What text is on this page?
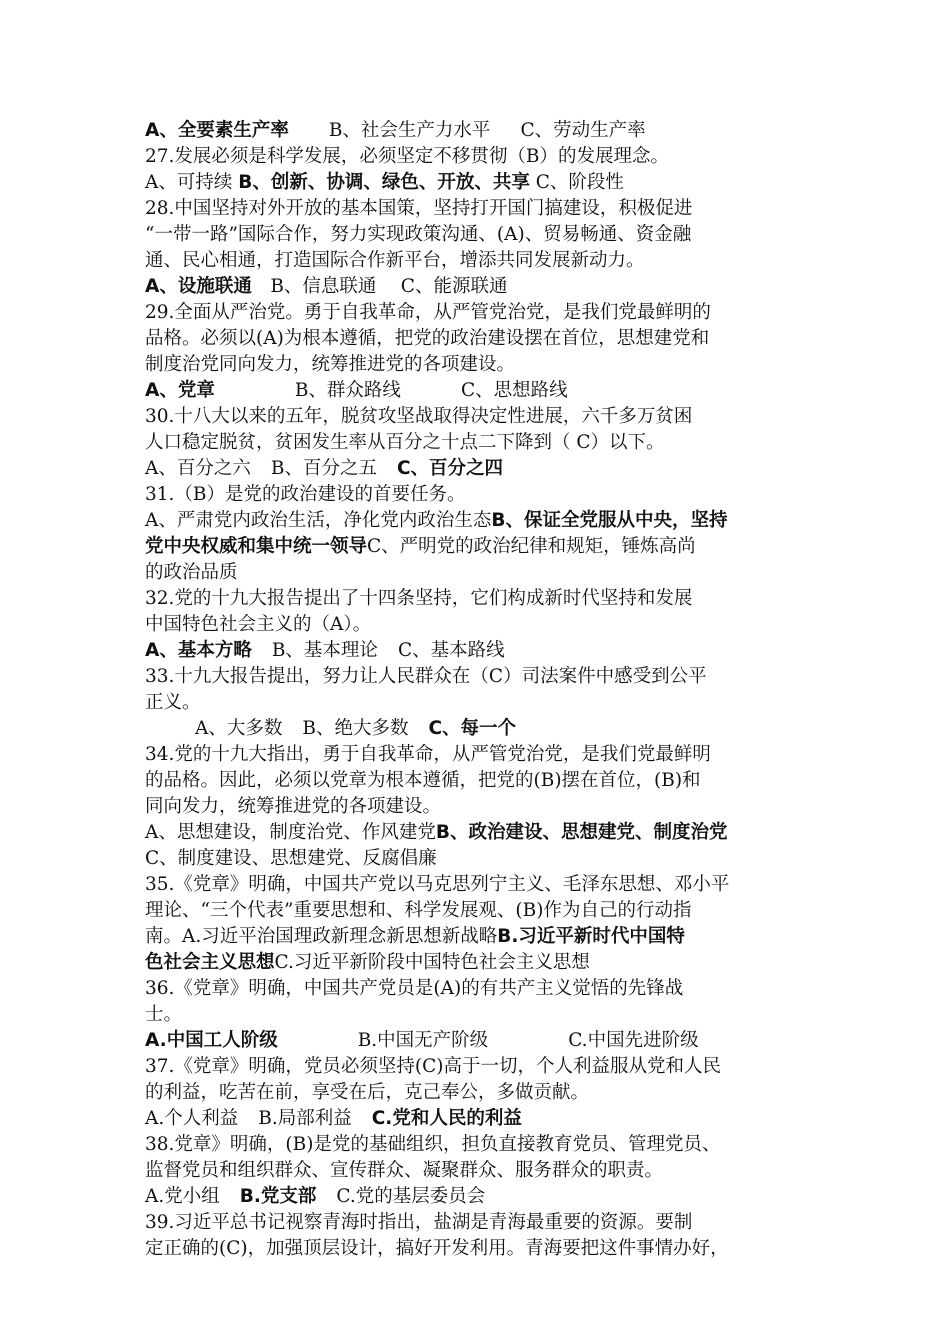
A、全要素生产率 B、社会生产力水平 C、劳动生产率
27.发展必须是科学发展，必须坚定不移贯彻（B）的发展理念。
A、可持续 B、创新、协调、绿色、开放、共享 C、阶段性
28.中国坚持对外开放的基本国策，坚持打开国门搞建设，积极促进
“一带一路”国际合作，努力实现政策沟通、(A)、贸易畅通、资金融
通、民心相通，打造国际合作新平台，增添共同发展新动力。
A、设施联通　B、信息联通　 C、能源联通
29.全面从严治党。勇于自我革命，从严管党治党，是我们党最鲜明的
品格。必须以(A)为根本遵循，把党的政治建设摆在首位，思想建党和
制度治党同向发力，统筹推进党的各项建设。
A、党章	B、群众路线	C、思想路线
30.十八大以来的五年，脱贫攻坚战取得决定性进展，六千多万贫困
人口稳定脱贫，贫困发生率从百分之十点二下降到（ C）以下。
A、百分之六 B、百分之五 C、百分之四
31.（B）是党的政治建设的首要任务。
A、严肃党内政治生活，净化党内政治生态B、保证全党服从中央，坚持
党中央权威和集中统一领导C、严明党的政治纪律和规矩，锤炼高尚
的政治品质
32.党的十九大报告提出了十四条坚持，它们构成新时代坚持和发展
中国特色社会主义的（A）。
A、基本方略 B、基本理论 C、基本路线
33.十九大报告提出，努力让人民群众在（C）司法案件中感受到公平
正义。
A、大多数 B、绝大多数 C、每一个
34.党的十九大指出，勇于自我革命，从严管党治党，是我们党最鲜明
的品格。因此，必须以党章为根本遵循，把党的(B)摆在首位，(B)和
同向发力，统筹推进党的各项建设。
A、思想建设，制度治党、作风建党B、政治建设、思想建党、制度治党
C、制度建设、思想建党、反腐倡廉
35.《党章》明确，中国共产党以马克思列宁主义、毛泽东思想、邓小平
理论、“三个代表”重要思想和、科学发展观、(B)作为自己的行动指
南。A.习近平治国理政新理念新思想新战略B.习近平新时代中国特
色社会主义思想C.习近平新阶段中国特色社会主义思想
36.《党章》明确，中国共产党员是(A)的有共产主义觉悟的先锋战
士。
A.中国工人阶级	B.中国无产阶级	C.中国先进阶级
37.《党章》明确，党员必须坚持(C)高于一切，个人利益服从党和人民
的利益，吃苦在前，享受在后，克己奉公，多做贡献。
A.个人利益 B.局部利益 C.党和人民的利益
38.党章》明确，(B)是党的基础组织，担负直接教育党员、管理党员、
监督党员和组织群众、宣传群众、凝聚群众、服务群众的职责。
A.党小组 B.党支部 C.党的基层委员会
39.习近平总书记视察青海时指出，盐湖是青海最重要的资源。要制
定正确的(C)，加强顶层设计，搞好开发利用。青海要把这件事情办好，
